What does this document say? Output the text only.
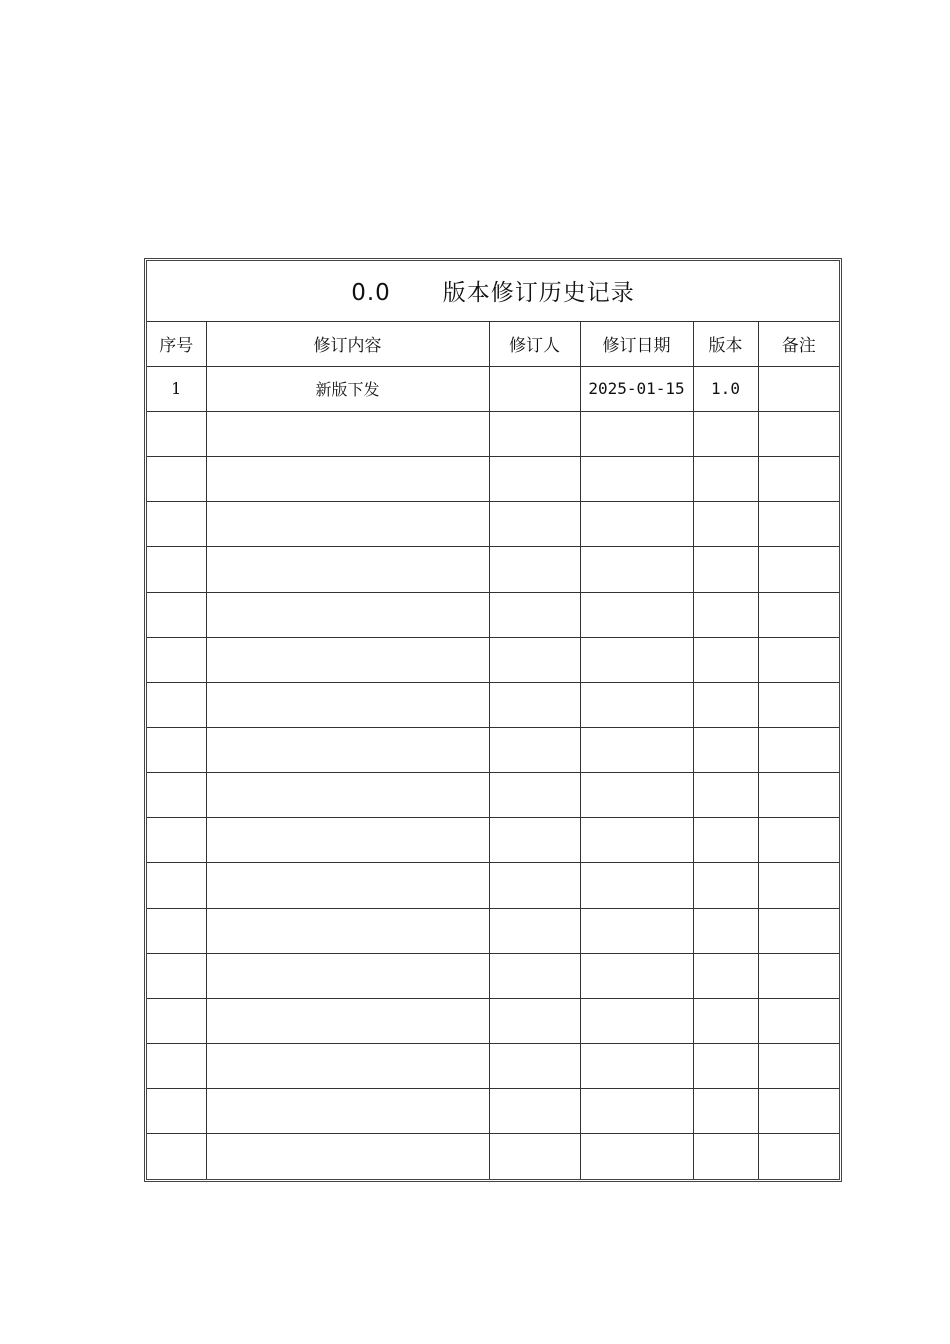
0.0 版本修订历史记录					
序号	修订内容	修订人	修订日期	版本	备注
1	新版下发		2025-01-15	1.0	
